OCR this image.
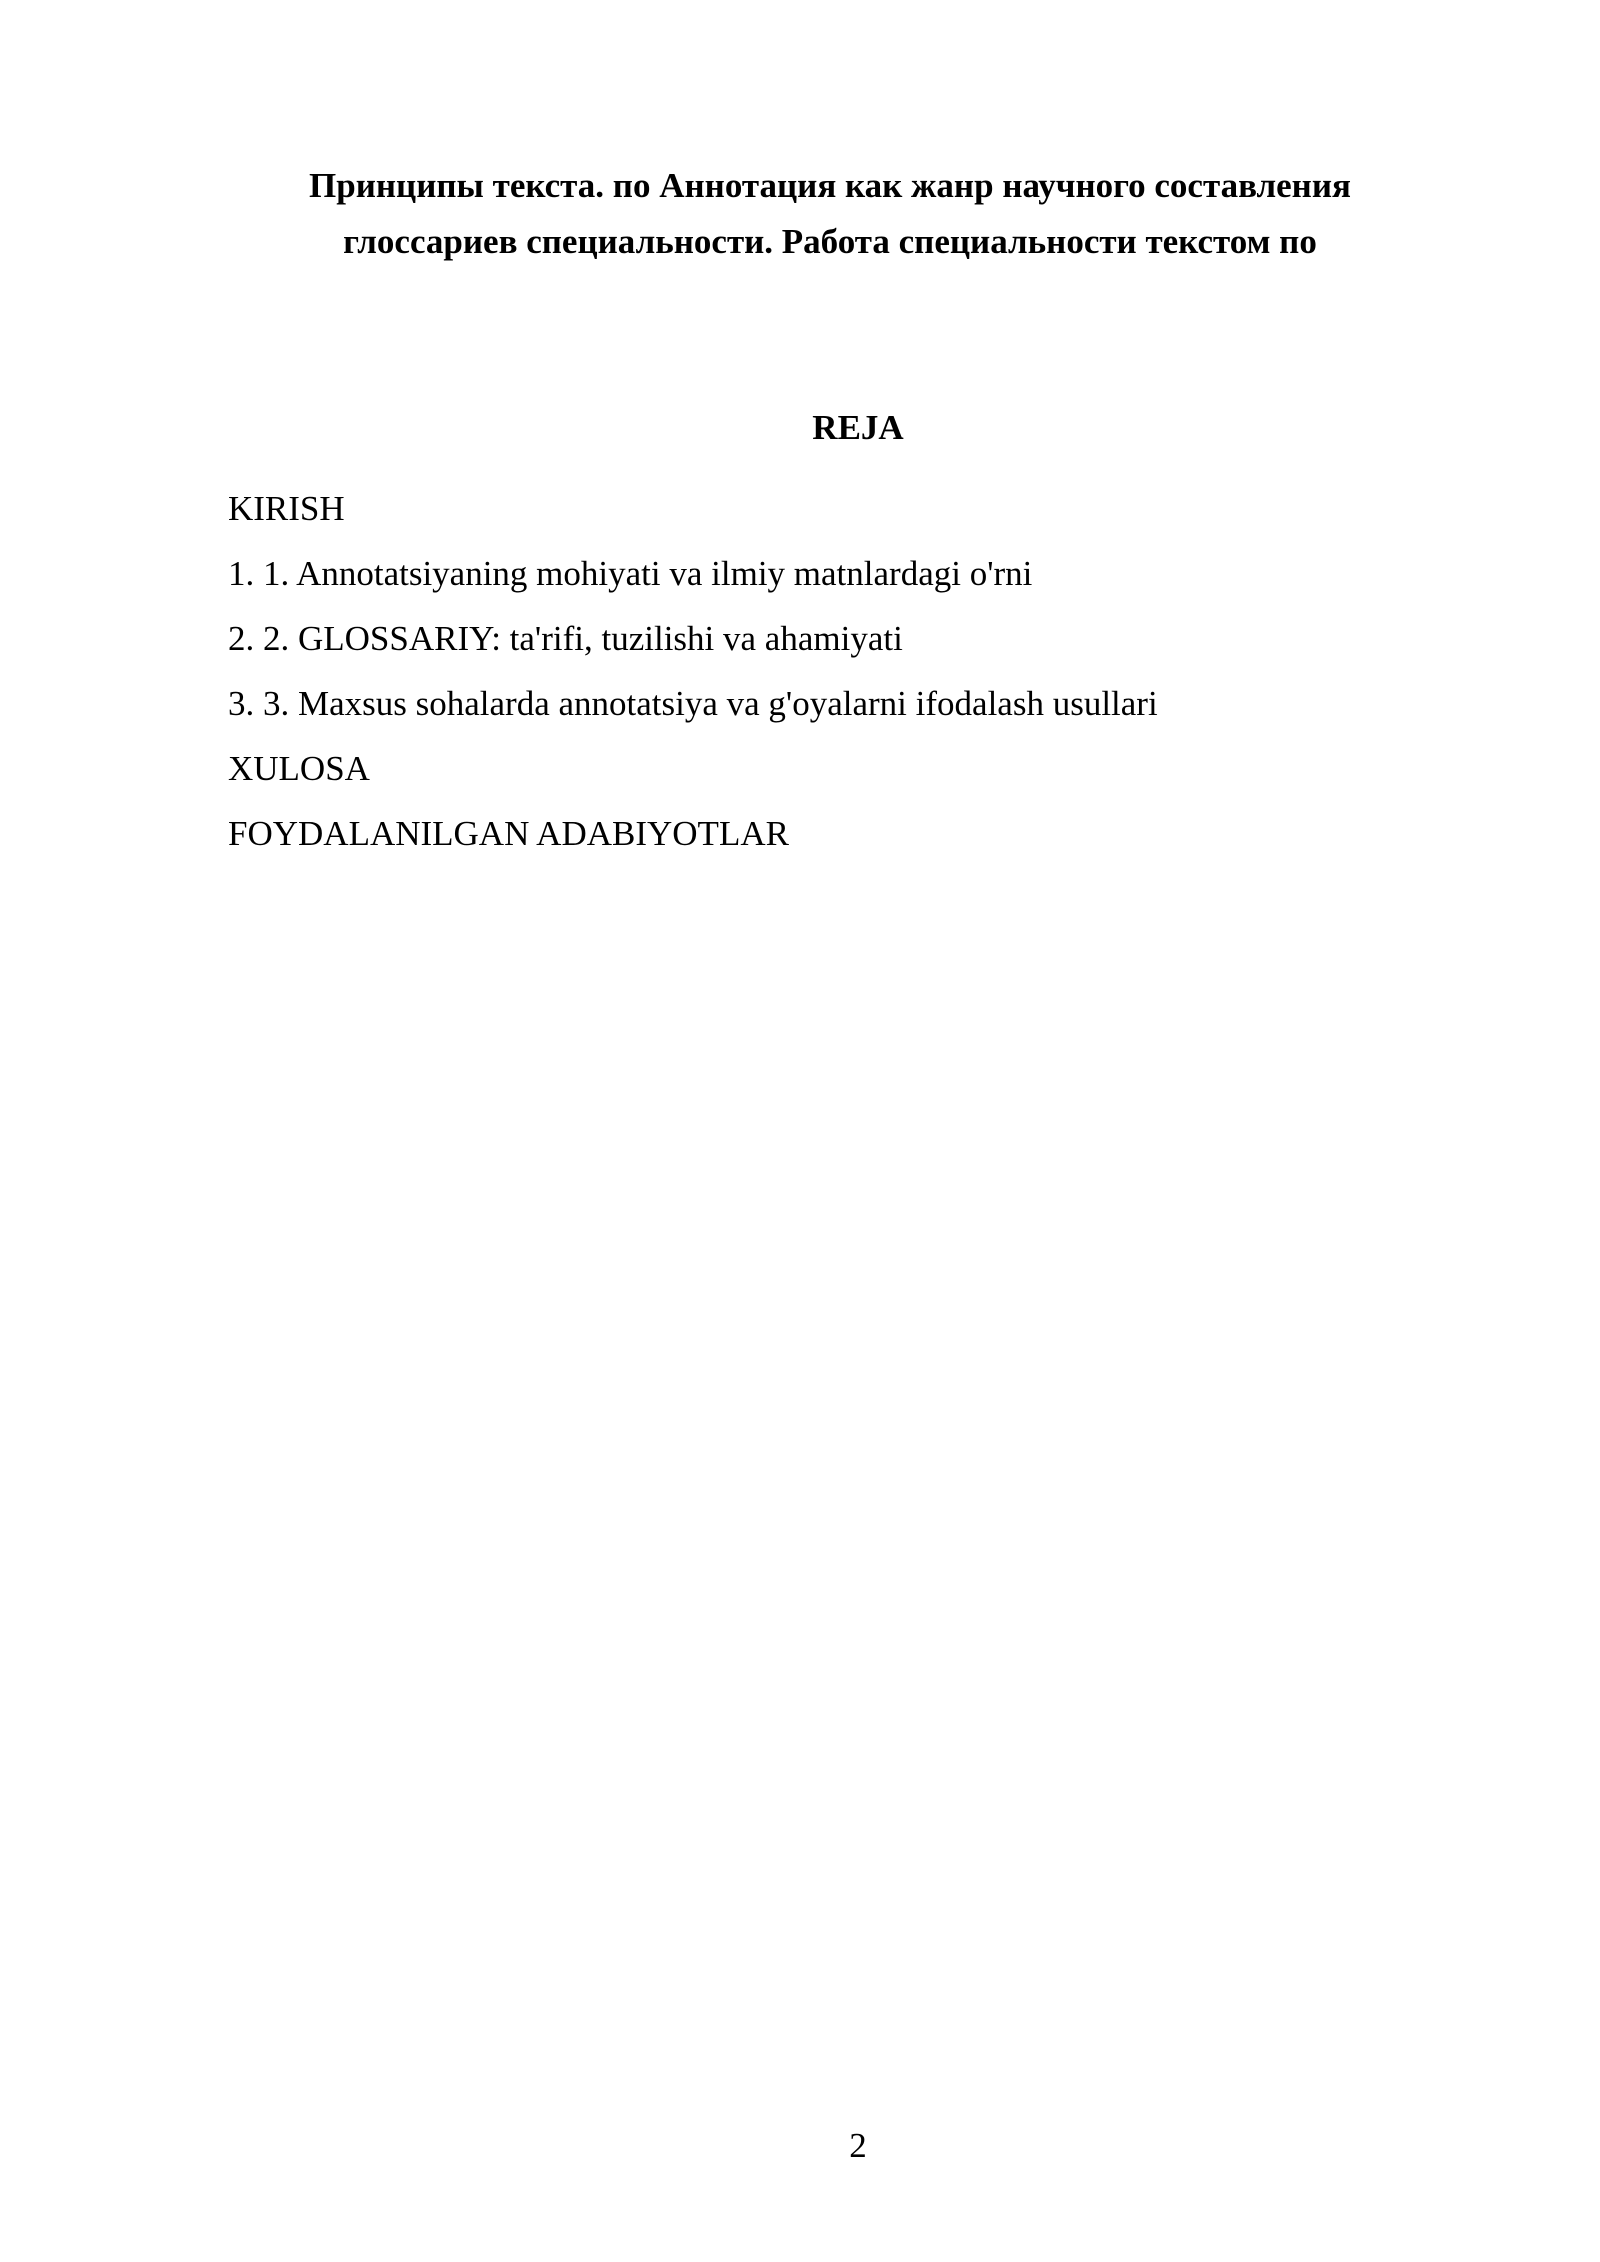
Принципы текста. по Аннотация как жанр научного составления
глоссариев специальности. Работа специальности текстом по
REJA
KIRISH
1. 1. Annotatsiyaning mohiyati va ilmiy matnlardagi o'rni
2. 2. GLOSSARIY: ta'rifi, tuzilishi va ahamiyati
3. 3. Maxsus sohalarda annotatsiya va g'oyalarni ifodalash usullari
XULOSA
FOYDALANILGAN ADABIYOTLAR
2
